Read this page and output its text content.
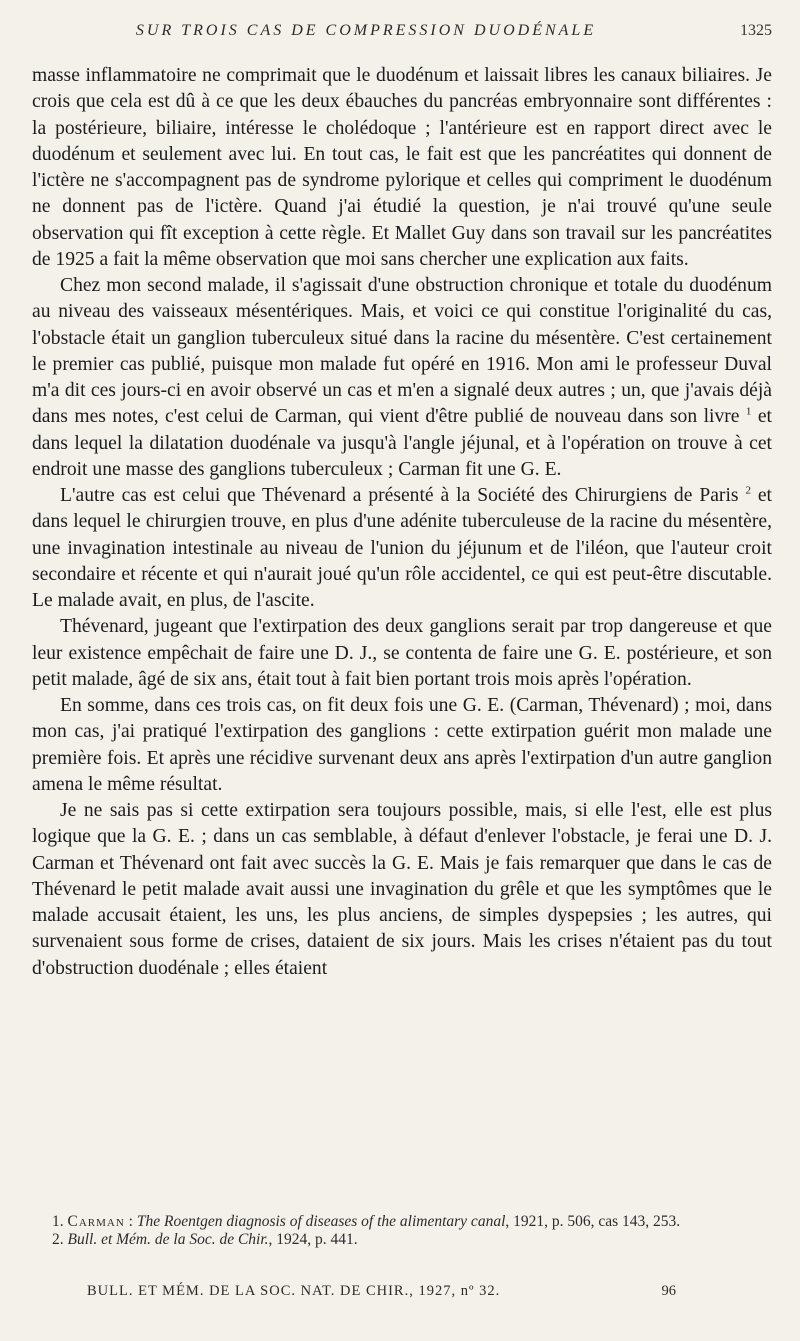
SUR TROIS CAS DE COMPRESSION DUODÉNALE	1325

masse inflammatoire ne comprimait que le duodénum et laissait libres les canaux biliaires. Je crois que cela est dû à ce que les deux ébauches du pancréas embryonnaire sont différentes : la postérieure, biliaire, intéresse le cholédoque ; l'antérieure est en rapport direct avec le duodénum et seulement avec lui. En tout cas, le fait est que les pancréatites qui donnent de l'ictère ne s'accompagnent pas de syndrome pylorique et celles qui compriment le duodénum ne donnent pas de l'ictère. Quand j'ai étudié la question, je n'ai trouvé qu'une seule observation qui fît exception à cette règle. Et Mallet Guy dans son travail sur les pancréatites de 1925 a fait la même observation que moi sans chercher une explication aux faits.

Chez mon second malade, il s'agissait d'une obstruction chronique et totale du duodénum au niveau des vaisseaux mésentériques. Mais, et voici ce qui constitue l'originalité du cas, l'obstacle était un ganglion tuberculeux situé dans la racine du mésentère. C'est certainement le premier cas publié, puisque mon malade fut opéré en 1916. Mon ami le professeur Duval m'a dit ces jours-ci en avoir observé un cas et m'en a signalé deux autres ; un, que j'avais déjà dans mes notes, c'est celui de Carman, qui vient d'être publié de nouveau dans son livre $^1$ et dans lequel la dilatation duodénale va jusqu'à l'angle jéjunal, et à l'opération on trouve à cet endroit une masse des ganglions tuberculeux ; Carman fit une G. E.

L'autre cas est celui que Thévenard a présenté à la Société des Chirurgiens de Paris $^2$ et dans lequel le chirurgien trouve, en plus d'une adénite tuberculeuse de la racine du mésentère, une invagination intestinale au niveau de l'union du jéjunum et de l'iléon, que l'auteur croit secondaire et récente et qui n'aurait joué qu'un rôle accidentel, ce qui est peut-être discutable. Le malade avait, en plus, de l'ascite.

Thévenard, jugeant que l'extirpation des deux ganglions serait par trop dangereuse et que leur existence empêchait de faire une D. J., se contenta de faire une G. E. postérieure, et son petit malade, âgé de six ans, était tout à fait bien portant trois mois après l'opération.

En somme, dans ces trois cas, on fit deux fois une G. E. (Carman, Thévenard) ; moi, dans mon cas, j'ai pratiqué l'extirpation des ganglions : cette extirpation guérit mon malade une première fois. Et après une récidive survenant deux ans après l'extirpation d'un autre ganglion amena le même résultat.

Je ne sais pas si cette extirpation sera toujours possible, mais, si elle l'est, elle est plus logique que la G. E. ; dans un cas semblable, à défaut d'enlever l'obstacle, je ferai une D. J. Carman et Thévenard ont fait avec succès la G. E. Mais je fais remarquer que dans le cas de Thévenard le petit malade avait aussi une invagination du grêle et que les symptômes que le malade accusait étaient, les uns, les plus anciens, de simples dyspepsies ; les autres, qui survenaient sous forme de crises, dataient de six jours. Mais les crises n'étaient pas du tout d'obstruction duodénale ; elles étaient

1. Carman : The Roentgen diagnosis of diseases of the alimentary canal, 1921, p. 506, cas 143, 253.

2. Bull. et Mém. de la Soc. de Chir., 1924, p. 441.

BULL. ET MÉM. DE LA SOC. NAT. DE CHIR., 1927, nº 32.	96
